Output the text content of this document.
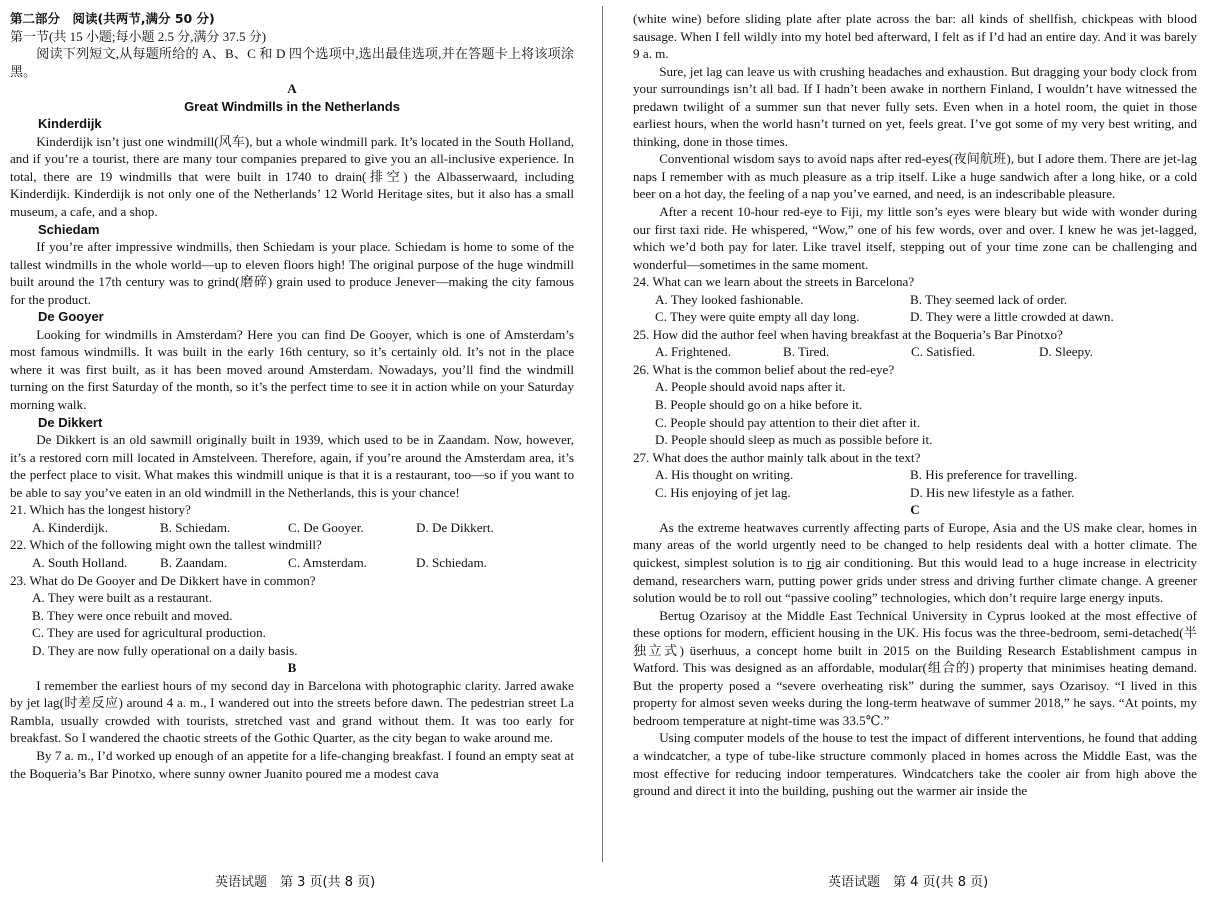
第二部分　阅读(共两节,满分 50 分)

第一节(共 15 小题;每小题 2.5 分,满分 37.5 分)

阅读下列短文,从每题所给的 A、B、C 和 D 四个选项中,选出最佳选项,并在答题卡上将该项涂黑。

A

Great Windmills in the Netherlands

Kinderdijk

Kinderdijk isn’t just one windmill(风车), but a whole windmill park. It’s located in the South Holland, and if you’re a tourist, there are many tour companies prepared to give you an all-inclusive experience. In total, there are 19 windmills that were built in 1740 to drain(排空) the Albasserwaard, including Kinderdijk. Kinderdijk is not only one of the Netherlands’ 12 World Heritage sites, but it also has a small museum, a cafe, and a shop.

Schiedam

If you’re after impressive windmills, then Schiedam is your place. Schiedam is home to some of the tallest windmills in the whole world—up to eleven floors high! The original purpose of the huge windmill built around the 17th century was to grind(磨碎) grain used to produce Jenever—making the city famous for the product.

De Gooyer

Looking for windmills in Amsterdam? Here you can find De Gooyer, which is one of Amsterdam’s most famous windmills. It was built in the early 16th century, so it’s certainly old. It’s not in the place where it was first built, as it has been moved around Amsterdam. Nowadays, you’ll find the windmill turning on the first Saturday of the month, so it’s the perfect time to see it in action while on your Saturday morning walk.

De Dikkert

De Dikkert is an old sawmill originally built in 1939, which used to be in Zaandam. Now, however, it’s a restored corn mill located in Amstelveen. Therefore, again, if you’re around the Amsterdam area, it’s the perfect place to visit. What makes this windmill unique is that it is a restaurant, too—so if you want to be able to say you’ve eaten in an old windmill in the Netherlands, this is your chance!

21. Which has the longest history?

A. Kinderdijk.	B. Schiedam.	C. De Gooyer.	D. De Dikkert.

22. Which of the following might own the tallest windmill?

A. South Holland.	B. Zaandam.	C. Amsterdam.	D. Schiedam.

23. What do De Gooyer and De Dikkert have in common?

A. They were built as a restaurant.

B. They were once rebuilt and moved.

C. They are used for agricultural production.

D. They are now fully operational on a daily basis.

B

I remember the earliest hours of my second day in Barcelona with photographic clarity. Jarred awake by jet lag(时差反应) around 4 a. m., I wandered out into the streets before dawn. The pedestrian street La Rambla, usually crowded with tourists, stretched vast and grand without them. It was too early for breakfast. So I wandered the chaotic streets of the Gothic Quarter, as the city began to wake around me.

By 7 a. m., I’d worked up enough of an appetite for a life-changing breakfast. I found an empty seat at the Boqueria’s Bar Pinotxo, where sunny owner Juanito poured me a modest cava

(white wine) before sliding plate after plate across the bar: all kinds of shellfish, chickpeas with blood sausage. When I fell wildly into my hotel bed afterward, I felt as if I’d had an entire day. And it was barely 9 a. m.

Sure, jet lag can leave us with crushing headaches and exhaustion. But dragging your body clock from your surroundings isn’t all bad. If I hadn’t been awake in northern Finland, I wouldn’t have witnessed the predawn twilight of a summer sun that never fully sets. Even when in a hotel room, the quiet in those earliest hours, when the world hasn’t turned on yet, feels great. I’ve got some of my very best writing, and thinking, done in those times.

Conventional wisdom says to avoid naps after red-eyes(夜间航班), but I adore them. There are jet-lag naps I remember with as much pleasure as a trip itself. Like a huge sandwich after a long hike, or a cold beer on a hot day, the feeling of a nap you’ve earned, and need, is an indescribable pleasure.

After a recent 10-hour red-eye to Fiji, my little son’s eyes were bleary but wide with wonder during our first taxi ride. He whispered, “Wow,” one of his few words, over and over. I knew he was jet-lagged, which we’d both pay for later. Like travel itself, stepping out of your time zone can be challenging and wonderful—sometimes in the same moment.

24. What can we learn about the streets in Barcelona?

A. They looked fashionable.	B. They seemed lack of order.
C. They were quite empty all day long.	D. They were a little crowded at dawn.

25. How did the author feel when having breakfast at the Boqueria’s Bar Pinotxo?

A. Frightened.	B. Tired.	C. Satisfied.	D. Sleepy.

26. What is the common belief about the red-eye?

A. People should avoid naps after it.

B. People should go on a hike before it.

C. People should pay attention to their diet after it.

D. People should sleep as much as possible before it.

27. What does the author mainly talk about in the text?

A. His thought on writing.	B. His preference for travelling.
C. His enjoying of jet lag.	D. His new lifestyle as a father.

C

As the extreme heatwaves currently affecting parts of Europe, Asia and the US make clear, homes in many areas of the world urgently need to be changed to help residents deal with a hotter climate. The quickest, simplest solution is to rig air conditioning. But this would lead to a huge increase in electricity demand, researchers warn, putting power grids under stress and driving further climate change. A greener solution would be to roll out “passive cooling” technologies, which don’t require large energy inputs.

Bertug Ozarisoy at the Middle East Technical University in Cyprus looked at the most effective of these options for modern, efficient housing in the UK. His focus was the three-bedroom, semi-detached(半独立式) üserhuus, a concept home built in 2015 on the Building Research Establishment campus in Watford. This was designed as an affordable, modular(组合的) property that minimises heating demand. But the property posed a “severe overheating risk” during the summer, says Ozarisoy. “I lived in this property for almost seven weeks during the long-term heatwave of summer 2018,” he says. “At points, my bedroom temperature at night-time was 33.5℃.”

Using computer models of the house to test the impact of different interventions, he found that adding a windcatcher, a type of tube-like structure commonly placed in homes across the Middle East, was the most effective for reducing indoor temperatures. Windcatchers take the cooler air from high above the ground and direct it into the building, pushing out the warmer air inside the

英语试题　第 3 页(共 8 页)	英语试题　第 4 页(共 8 页)
